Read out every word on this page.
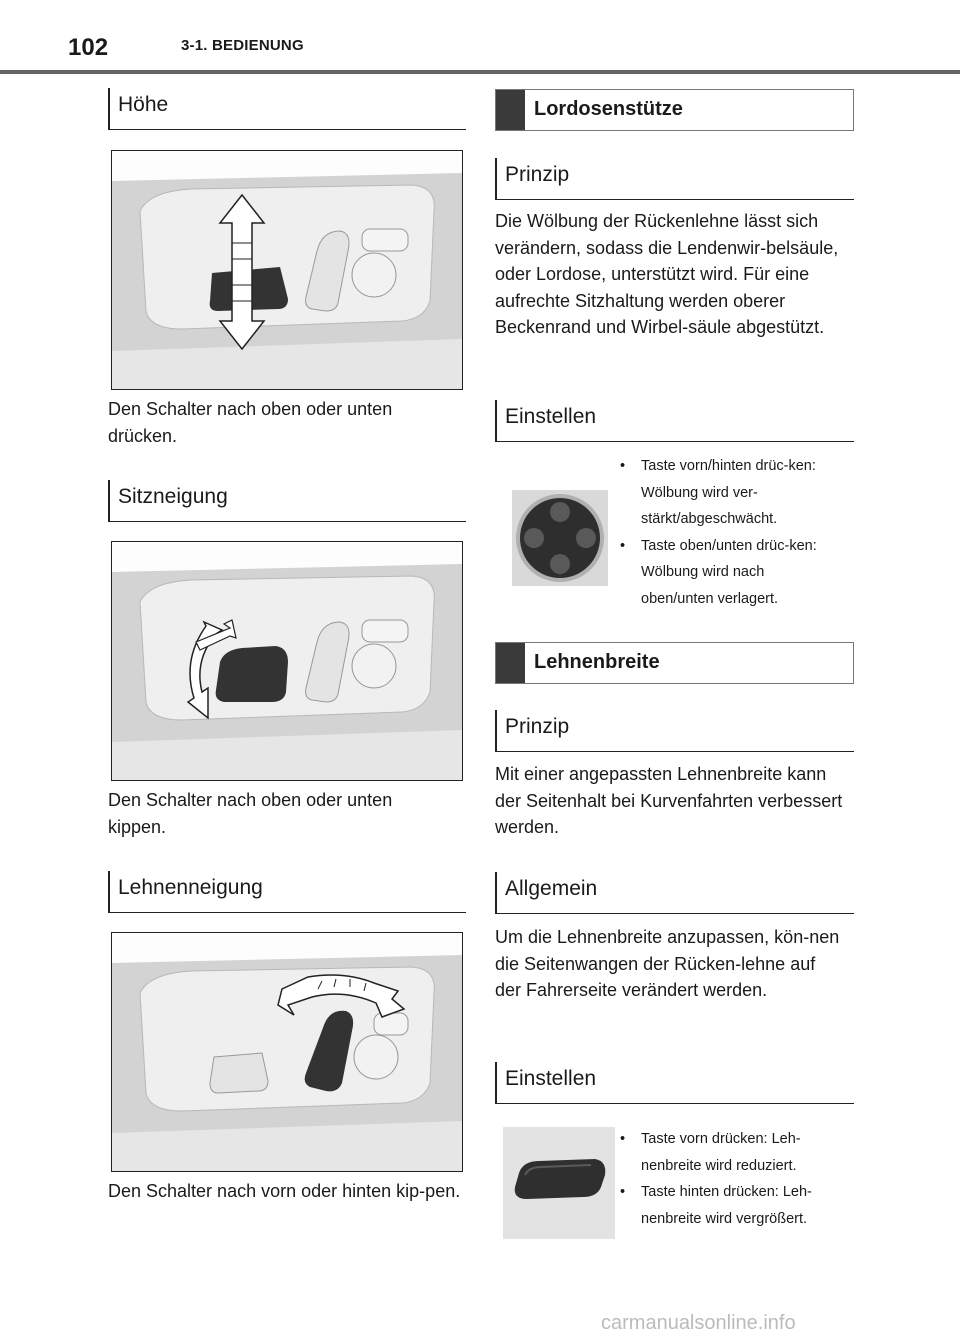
102	3-1. BEDIENUNG
Höhe

Den Schalter nach oben oder unten drücken.

Sitzneigung

Den Schalter nach oben oder unten kippen.

Lehnenneigung

Den Schalter nach vorn oder hinten kip-pen.

Lordosenstütze
Prinzip

Die Wölbung der Rückenlehne lässt sich verändern, sodass die Lendenwir-belsäule, oder Lordose, unterstützt wird. Für eine aufrechte Sitzhaltung werden oberer Beckenrand und Wirbel-säule abgestützt.

Einstellen
• Taste vorn/hinten drüc-ken: Wölbung wird ver-stärkt/abgeschwächt.
• Taste oben/unten drüc-ken: Wölbung wird nach oben/unten verlagert.
Lehnenbreite
Prinzip

Mit einer angepassten Lehnenbreite kann der Seitenhalt bei Kurvenfahrten verbessert werden.

Allgemein

Um die Lehnenbreite anzupassen, kön-nen die Seitenwangen der Rücken-lehne auf der Fahrerseite verändert werden.

Einstellen
• Taste vorn drücken: Leh-nenbreite wird reduziert.
• Taste hinten drücken: Leh-nenbreite wird vergrößert.
carmanualsonline.info
